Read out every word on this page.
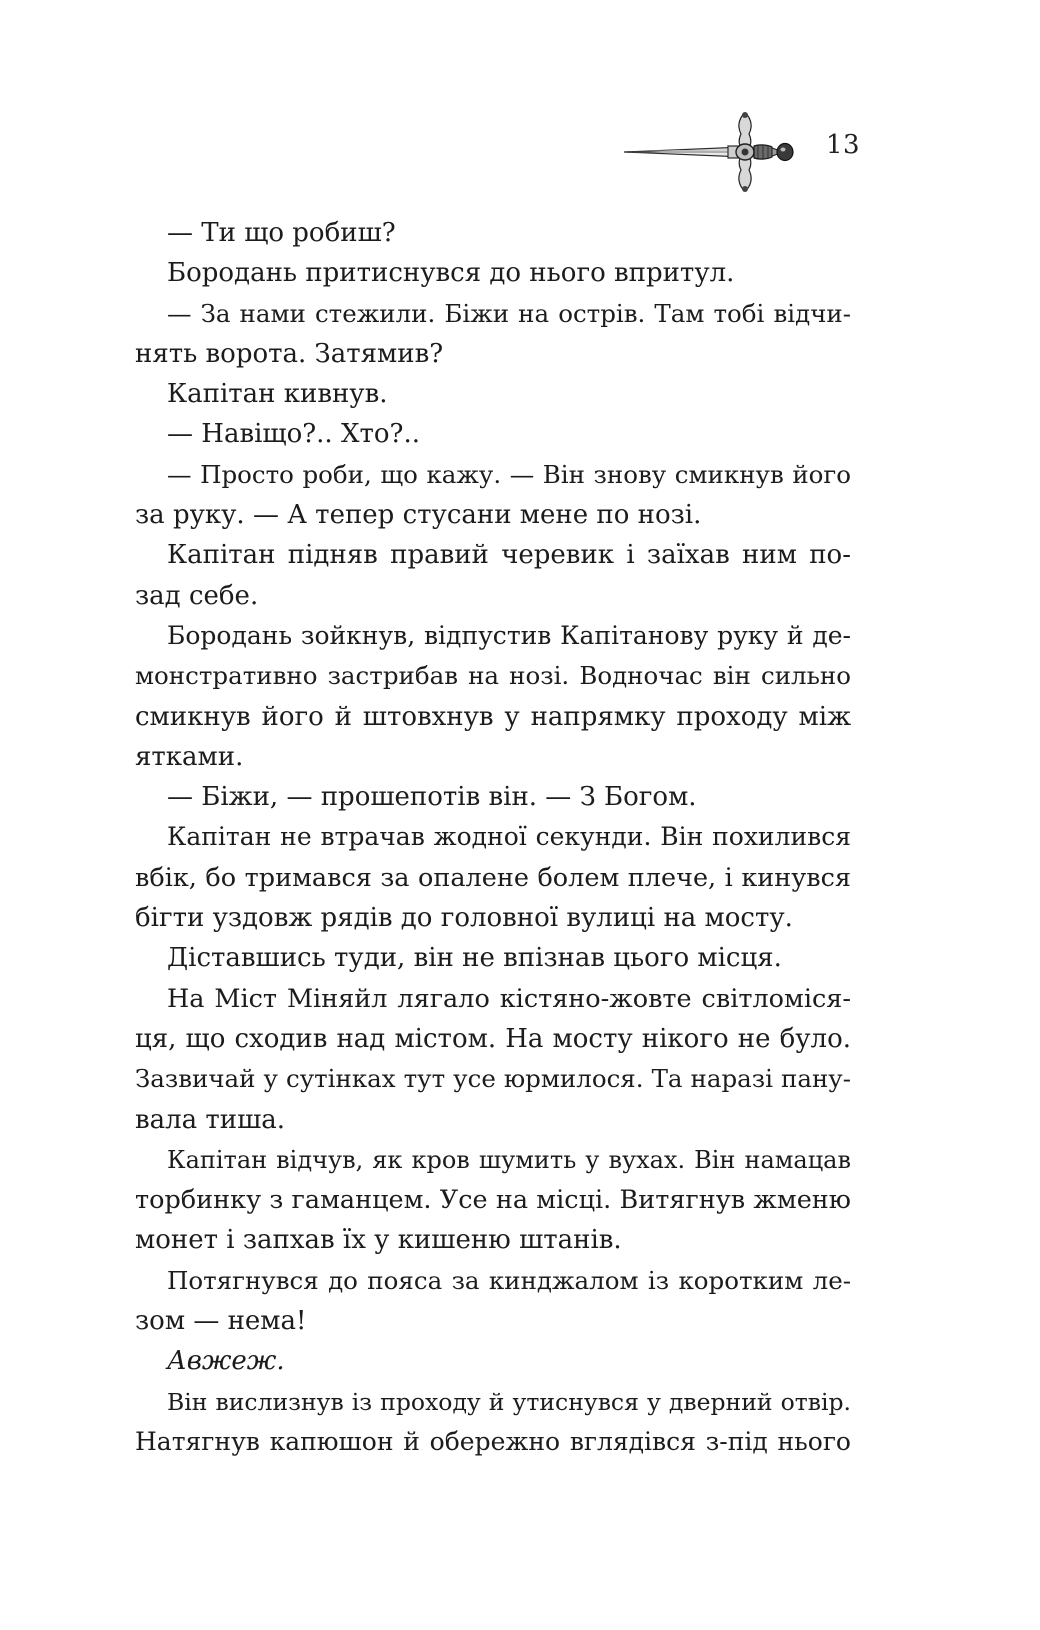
13
— Ти що робиш?
Бородань притиснувся до нього впритул.
— За нами стежили. Біжи на острів. Там тобі відчи-
нять ворота. Затямив?
Капітан кивнув.
— Навіщо?.. Хто?..
— Просто роби, що кажу. — Він знову смикнув його
за руку. — А тепер стусани мене по нозі.
Капітан підняв правий черевик і заїхав ним по-
зад себе.
Бородань зойкнув, відпустив Капітанову руку й де-
монстративно застрибав на нозі. Водночас він сильно
смикнув його й штовхнув у напрямку проходу між
ятками.
— Біжи, — прошепотів він. — З Богом.
Капітан не втрачав жодної секунди. Він похилився
вбік, бо тримався за опалене болем плече, і кинувся
бігти уздовж рядів до головної вулиці на мосту.
Діставшись туди, він не впізнав цього місця.
На Міст Міняйл лягало кістяно-жовте світломіся-
ця, що сходив над містом. На мосту нікого не було.
Зазвичай у сутінках тут усе юрмилося. Та наразі пану-
вала тиша.
Капітан відчув, як кров шумить у вухах. Він намацав
торбинку з гаманцем. Усе на місці. Витягнув жменю
монет і запхав їх у кишеню штанів.
Потягнувся до пояса за кинджалом із коротким ле-
зом — нема!
Авжеж.
Він вислизнув із проходу й утиснувся у дверний отвір.
Натягнув капюшон й обережно вглядівся з-під нього
